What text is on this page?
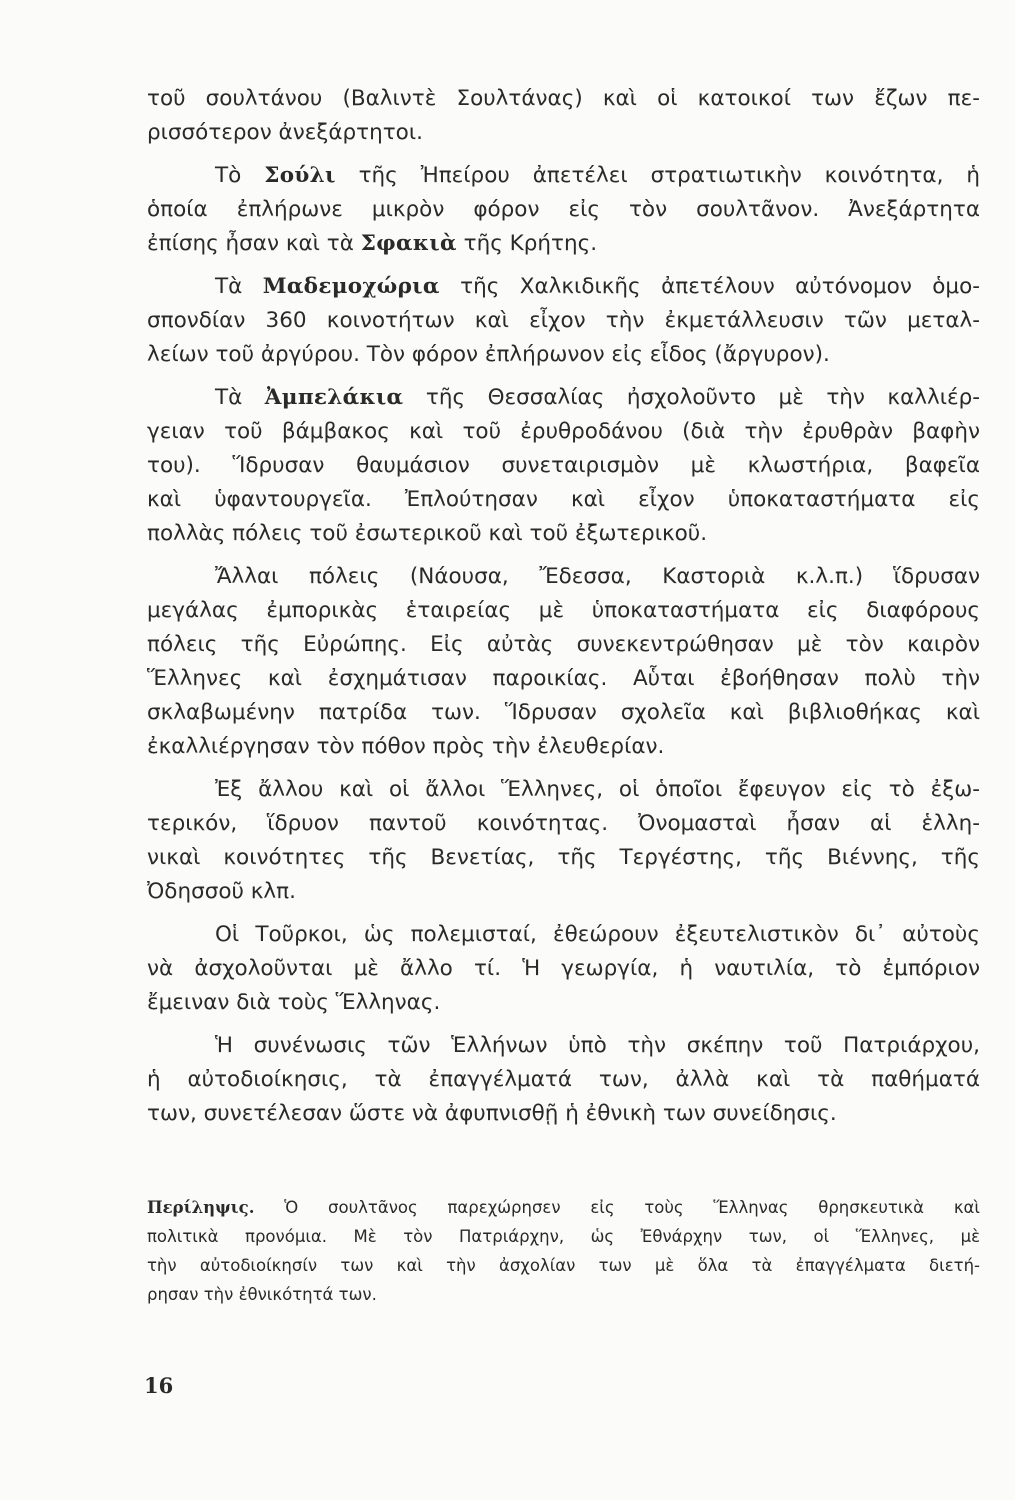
τοῦ σουλτάνου (Βαλιντὲ Σουλτάνας) καὶ οἱ κατοικοί των ἔζων πε-
ρισσότερον ἀνεξάρτητοι.
Τὸ Σούλι τῆς Ἠπείρου ἀπετέλει στρατιωτικὴν κοινότητα, ἡ
ὁποία ἐπλήρωνε μικρὸν φόρον εἰς τὸν σουλτᾶνον. Ἀνεξάρτητα
ἐπίσης ἦσαν καὶ τὰ Σφακιὰ τῆς Κρήτης.
Τὰ Μαδεμοχώρια τῆς Χαλκιδικῆς ἀπετέλουν αὐτόνομον ὁμο-
σπονδίαν 360 κοινοτήτων καὶ εἶχον τὴν ἐκμετάλλευσιν τῶν μεταλ-
λείων τοῦ ἀργύρου. Τὸν φόρον ἐπλήρωνον εἰς εἶδος (ἄργυρον).
Τὰ Ἀμπελάκια τῆς Θεσσαλίας ἠσχολοῦντο μὲ τὴν καλλιέρ-
γειαν τοῦ βάμβακος καὶ τοῦ ἐρυθροδάνου (διὰ τὴν ἐρυθρὰν βαφὴν
του). Ἵδρυσαν θαυμάσιον συνεταιρισμὸν μὲ κλωστήρια, βαφεῖα
καὶ ὑφαντουργεῖα. Ἐπλούτησαν καὶ εἶχον ὑποκαταστήματα εἰς
πολλὰς πόλεις τοῦ ἐσωτερικοῦ καὶ τοῦ ἐξωτερικοῦ.
Ἄλλαι πόλεις (Νάουσα, Ἔδεσσα, Καστοριὰ κ.λ.π.) ἵδρυσαν
μεγάλας ἐμπορικὰς ἑταιρείας μὲ ὑποκαταστήματα εἰς διαφόρους
πόλεις τῆς Εὐρώπης. Εἰς αὐτὰς συνεκεντρώθησαν μὲ τὸν καιρὸν
Ἕλληνες καὶ ἐσχημάτισαν παροικίας. Αὗται ἐβοήθησαν πολὺ τὴν
σκλαβωμένην πατρίδα των. Ἵδρυσαν σχολεῖα καὶ βιβλιοθήκας καὶ
ἐκαλλιέργησαν τὸν πόθον πρὸς τὴν ἐλευθερίαν.
Ἐξ ἄλλου καὶ οἱ ἄλλοι Ἕλληνες, οἱ ὁποῖοι ἔφευγον εἰς τὸ ἐξω-
τερικόν, ἵδρυον παντοῦ κοινότητας. Ὀνομασταὶ ἦσαν αἱ ἑλλη-
νικαὶ κοινότητες τῆς Βενετίας, τῆς Τεργέστης, τῆς Βιέννης, τῆς
Ὀδησσοῦ κλπ.
Οἱ Τοῦρκοι, ὡς πολεμισταί, ἐθεώρουν ἐξευτελιστικὸν δι᾽ αὐτοὺς
νὰ ἀσχολοῦνται μὲ ἄλλο τί. Ἡ γεωργία, ἡ ναυτιλία, τὸ ἐμπόριον
ἔμειναν διὰ τοὺς Ἕλληνας.
Ἡ συνένωσις τῶν Ἑλλήνων ὑπὸ τὴν σκέπην τοῦ Πατριάρχου,
ἡ αὐτοδιοίκησις, τὰ ἐπαγγέλματά των, ἀλλὰ καὶ τὰ παθήματά
των, συνετέλεσαν ὥστε νὰ ἀφυπνισθῇ ἡ ἐθνικὴ των συνείδησις.
Περίληψις. Ὁ σουλτᾶνος παρεχώρησεν εἰς τοὺς Ἕλληνας θρησκευτικὰ καὶ
πολιτικὰ προνόμια. Μὲ τὸν Πατριάρχην, ὡς Ἐθνάρχην των, οἱ Ἕλληνες, μὲ
τὴν αὐτοδιοίκησίν των καὶ τὴν ἀσχολίαν των μὲ ὅλα τὰ ἐπαγγέλματα διετή-
ρησαν τὴν ἐθνικότητά των.
16
